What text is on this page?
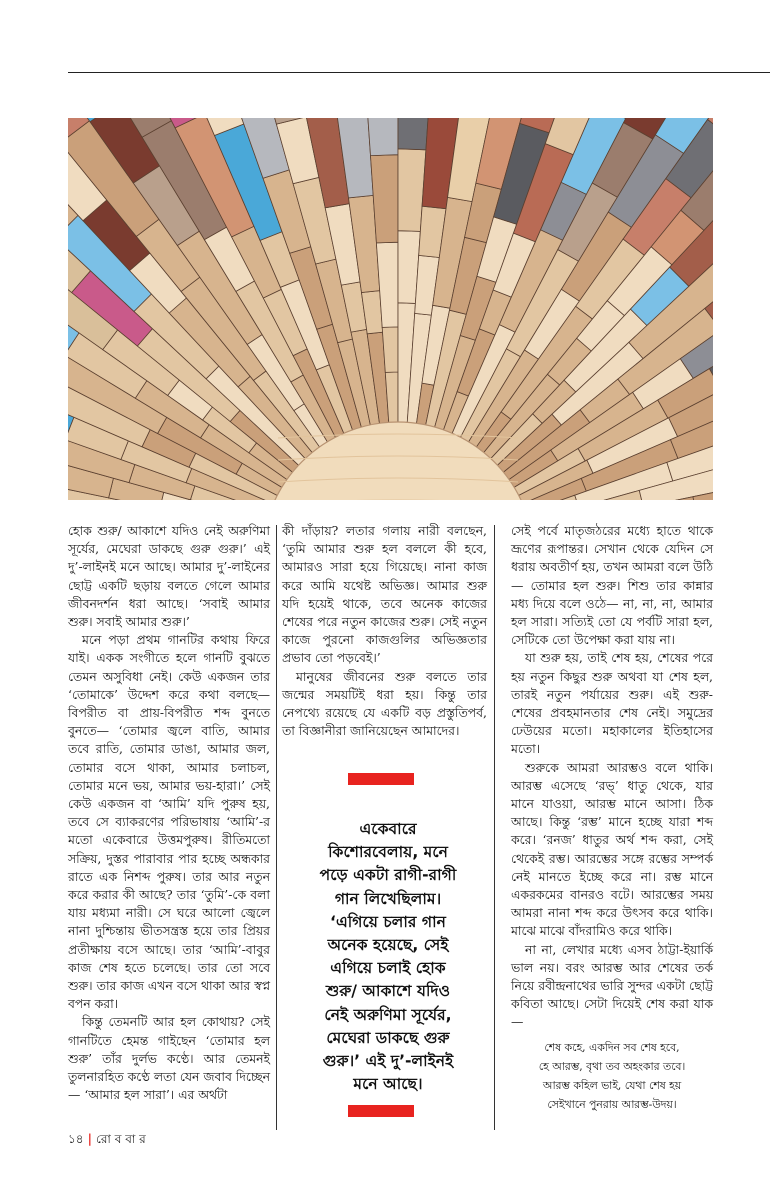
হোক শুরু/ আকাশে যদিও নেই অরুণিমা সূর্যের, মেঘেরা ডাকছে গুরু গুরু।’ এই দু’-লাইনই মনে আছে। আমার দু’-লাইনের ছোট্ট একটি ছড়ায় বলতে গেলে আমার জীবনদর্শন ধরা আছে। ‘সবাই আমার শুরু। সবাই আমার শুরু।’

মনে পড়া প্রথম গানটির কথায় ফিরে যাই। একক সংগীতে হলে গানটি বুঝতে তেমন অসুবিধা নেই। কেউ একজন তার ‘তোমাকে’ উদ্দেশ করে কথা বলছে— বিপরীত বা প্রায়-বিপরীত শব্দ বুনতে বুনতে— ‘তোমার জ্বলে বাতি, আমার তবে রাতি, তোমার ডাঙা, আমার জল, তোমার বসে থাকা, আমার চলাচল, তোমার মনে ভয়, আমার ভয়-হারা।’ সেই কেউ একজন বা ‘আমি’ যদি পুরুষ হয়, তবে সে ব্যাকরণের পরিভাষায় ‘আমি’-র মতো একেবারে উত্তমপুরুষ। রীতিমতো সক্রিয়, দুস্তর পারাবার পার হচ্ছে অন্ধকার রাতে এক নিশব্দ পুরুষ। তার আর নতুন করে করার কী আছে? তার ‘তুমি’-কে বলা যায় মধ্যমা নারী। সে ঘরে আলো জ্বেলে নানা দুশ্চিন্তায় ভীতসন্ত্রস্ত হয়ে তার প্রিয়র প্রতীক্ষায় বসে আছে। তার ‘আমি’-বাবুর কাজ শেষ হতে চলেছে। তার তো সবে শুরু। তার কাজ এখন বসে থাকা আর স্বপ্ন বপন করা।

কিন্তু তেমনটি আর হল কোথায়? সেই গানটিতে হেমন্ত গাইছেন ‘তোমার হল শুরু’ তাঁর দুর্লভ কণ্ঠে। আর তেমনই তুলনারহিত কণ্ঠে লতা যেন জবাব দিচ্ছেন— ‘আমার হল সারা’। এর অর্থটা

কী দাঁড়ায়? লতার গলায় নারী বলছেন, ‘তুমি আমার শুরু হল বললে কী হবে, আমারও সারা হয়ে গিয়েছে। নানা কাজ করে আমি যথেষ্ট অভিজ্ঞ। আমার শুরু যদি হয়েই থাকে, তবে অনেক কাজের শেষের পরে নতুন কাজের শুরু। সেই নতুন কাজে পুরনো কাজগুলির অভিজ্ঞতার প্রভাব তো পড়বেই।’

মানুষের জীবনের শুরু বলতে তার জন্মের সময়টিই ধরা হয়। কিন্তু তার নেপথ্যে রয়েছে যে একটি বড় প্রস্তুতিপর্ব, তা বিজ্ঞানীরা জানিয়েছেন আমাদের।

একেবারে
কিশোরবেলায়, মনে
পড়ে একটা রাগী-রাগী
গান লিখেছিলাম।
‘এগিয়ে চলার গান
অনেক হয়েছে, সেই
এগিয়ে চলাই হোক
শুরু/ আকাশে যদিও
নেই অরুণিমা সূর্যের,
মেঘেরা ডাকছে গুরু
গুরু।’ এই দু’-লাইনই
মনে আছে।

সেই পর্বে মাতৃজঠরের মধ্যে হাতে থাকে ভ্রূণের রূপান্তর। সেখান থেকে যেদিন সে ধরায় অবতীর্ণ হয়, তখন আমরা বলে উঠি— তোমার হল শুরু। শিশু তার কান্নার মধ্য দিয়ে বলে ওঠে— না, না, না, আমার হল সারা। সত্যিই তো যে পর্বটি সারা হল, সেটিকে তো উপেক্ষা করা যায় না।

যা শুরু হয়, তাই শেষ হয়, শেষের পরে হয় নতুন কিছুর শুরু অথবা যা শেষ হল, তারই নতুন পর্যায়ের শুরু। এই শুরু-শেষের প্রবহমানতার শেষ নেই। সমুদ্রের ঢেউয়ের মতো। মহাকালের ইতিহাসের মতো।

শুরুকে আমরা আরম্ভও বলে থাকি। আরম্ভ এসেছে ‘রভ্’ ধাতু থেকে, যার মানে যাওয়া, আরম্ভ মানে আসা। ঠিক আছে। কিন্তু ‘রম্ভ’ মানে হচ্ছে যারা শব্দ করে। ‘রনজ’ ধাতুর অর্থ শব্দ করা, সেই থেকেই রম্ভ। আরম্ভের সঙ্গে রম্ভের সম্পর্ক নেই মানতে ইচ্ছে করে না। রম্ভ মানে একরকমের বানরও বটে। আরম্ভের সময় আমরা নানা শব্দ করে উৎসব করে থাকি। মাঝে মাঝে বাঁদরামিও করে থাকি।

না না, লেখার মধ্যে এসব ঠাট্টা-ইয়ার্কি ভাল নয়। বরং আরম্ভ আর শেষের তর্ক নিয়ে রবীন্দ্রনাথের ভারি সুন্দর একটা ছোট্ট কবিতা আছে। সেটা দিয়েই শেষ করা যাক—

শেষ কহে, একদিন সব শেষ হবে,
হে আরম্ভ, বৃথা তব অহংকার তবে।
আরম্ভ কহিল ভাই, যেথা শেষ হয়
সেইখানে পুনরায় আরম্ভ-উদয়।
১৪ | রো ব বা র
